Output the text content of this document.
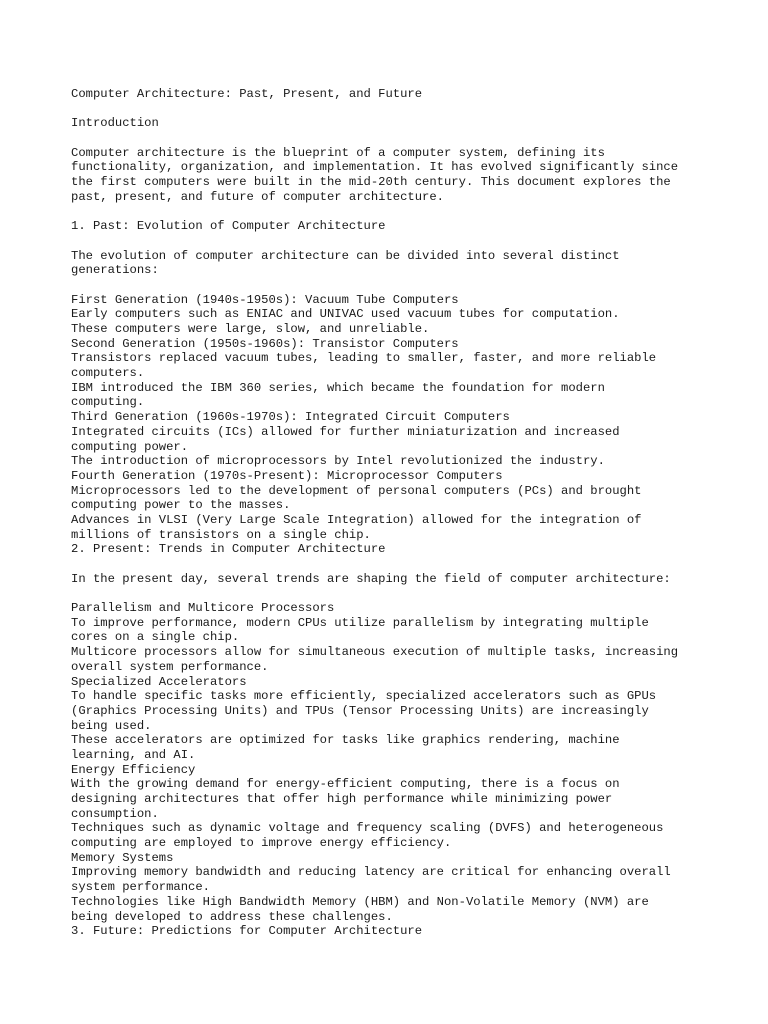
Computer Architecture: Past, Present, and Future
Introduction
Computer architecture is the blueprint of a computer system, defining its
functionality, organization, and implementation. It has evolved significantly since
the first computers were built in the mid-20th century. This document explores the
past, present, and future of computer architecture.
1. Past: Evolution of Computer Architecture
The evolution of computer architecture can be divided into several distinct
generations:
First Generation (1940s-1950s): Vacuum Tube Computers
Early computers such as ENIAC and UNIVAC used vacuum tubes for computation.
These computers were large, slow, and unreliable.
Second Generation (1950s-1960s): Transistor Computers
Transistors replaced vacuum tubes, leading to smaller, faster, and more reliable
computers.
IBM introduced the IBM 360 series, which became the foundation for modern
computing.
Third Generation (1960s-1970s): Integrated Circuit Computers
Integrated circuits (ICs) allowed for further miniaturization and increased
computing power.
The introduction of microprocessors by Intel revolutionized the industry.
Fourth Generation (1970s-Present): Microprocessor Computers
Microprocessors led to the development of personal computers (PCs) and brought
computing power to the masses.
Advances in VLSI (Very Large Scale Integration) allowed for the integration of
millions of transistors on a single chip.
2. Present: Trends in Computer Architecture
In the present day, several trends are shaping the field of computer architecture:
Parallelism and Multicore Processors
To improve performance, modern CPUs utilize parallelism by integrating multiple
cores on a single chip.
Multicore processors allow for simultaneous execution of multiple tasks, increasing
overall system performance.
Specialized Accelerators
To handle specific tasks more efficiently, specialized accelerators such as GPUs
(Graphics Processing Units) and TPUs (Tensor Processing Units) are increasingly
being used.
These accelerators are optimized for tasks like graphics rendering, machine
learning, and AI.
Energy Efficiency
With the growing demand for energy-efficient computing, there is a focus on
designing architectures that offer high performance while minimizing power
consumption.
Techniques such as dynamic voltage and frequency scaling (DVFS) and heterogeneous
computing are employed to improve energy efficiency.
Memory Systems
Improving memory bandwidth and reducing latency are critical for enhancing overall
system performance.
Technologies like High Bandwidth Memory (HBM) and Non-Volatile Memory (NVM) are
being developed to address these challenges.
3. Future: Predictions for Computer Architecture
